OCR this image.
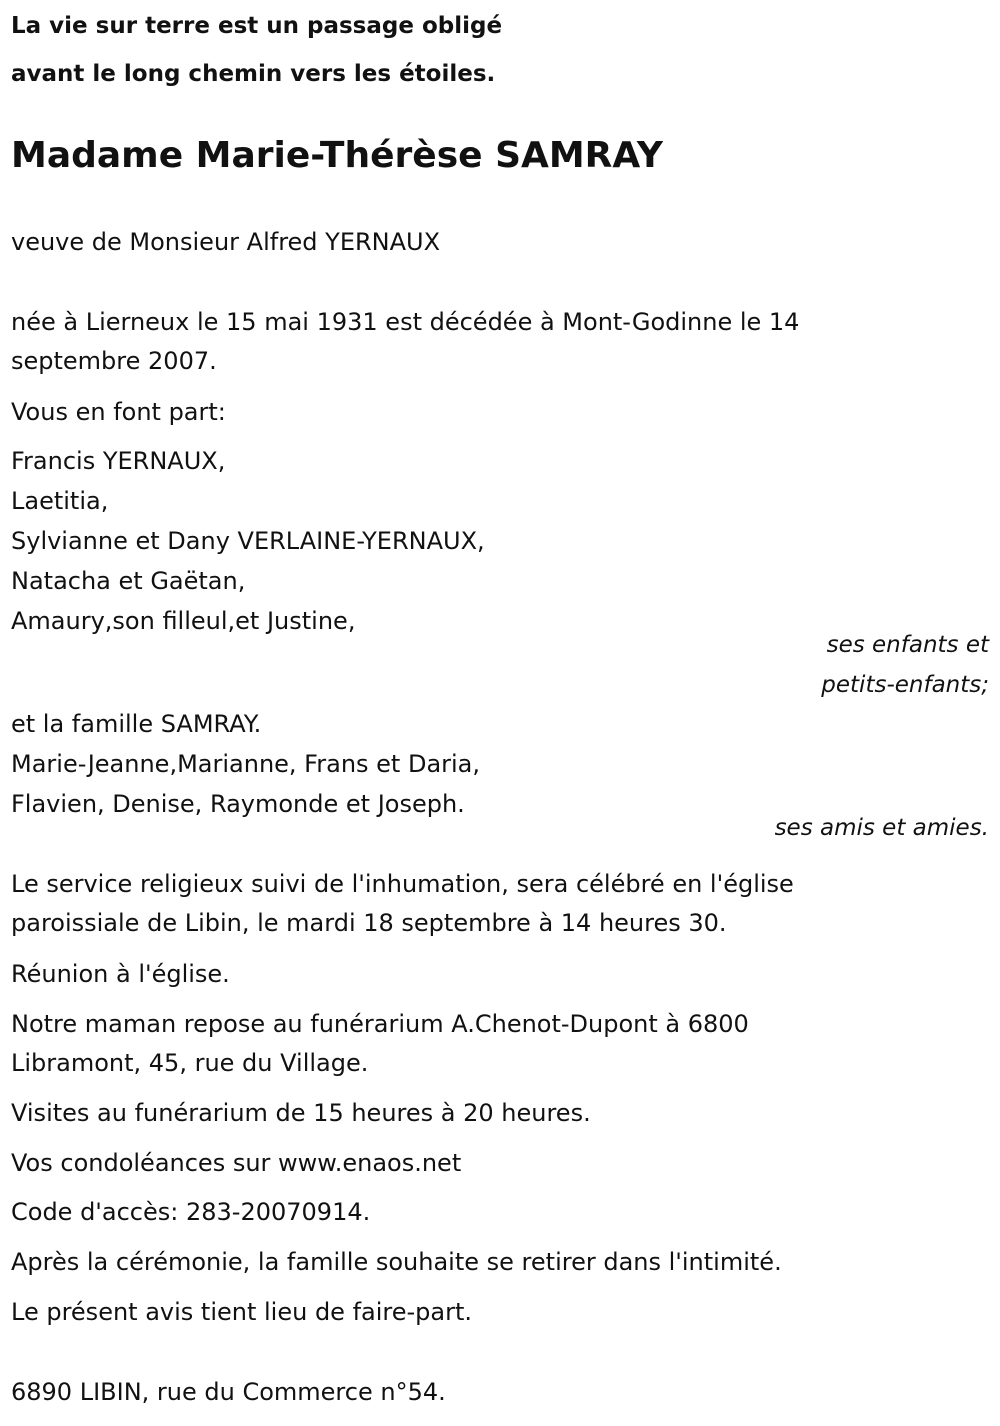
La vie sur terre est un passage obligé
avant le long chemin vers les étoiles.
Madame Marie-Thérèse SAMRAY
veuve de Monsieur Alfred YERNAUX
née à Lierneux le 15 mai 1931 est décédée à Mont-Godinne le 14
septembre 2007.
Vous en font part:
Francis YERNAUX,
Laetitia,
Sylvianne et Dany VERLAINE-YERNAUX,
Natacha et Gaëtan,
Amaury,son filleul,et Justine,
ses enfants et
petits-enfants;
et la famille SAMRAY.
Marie-Jeanne,Marianne, Frans et Daria,
Flavien, Denise, Raymonde et Joseph.
ses amis et amies.
Le service religieux suivi de l'inhumation, sera célébré en l'église
paroissiale de Libin, le mardi 18 septembre à 14 heures 30.
Réunion à l'église.
Notre maman repose au funérarium A.Chenot-Dupont à 6800
Libramont, 45, rue du Village.
Visites au funérarium de 15 heures à 20 heures.
Vos condoléances sur www.enaos.net
Code d'accès: 283-20070914.
Après la cérémonie, la famille souhaite se retirer dans l'intimité.
Le présent avis tient lieu de faire-part.
6890 LIBIN, rue du Commerce n°54.
